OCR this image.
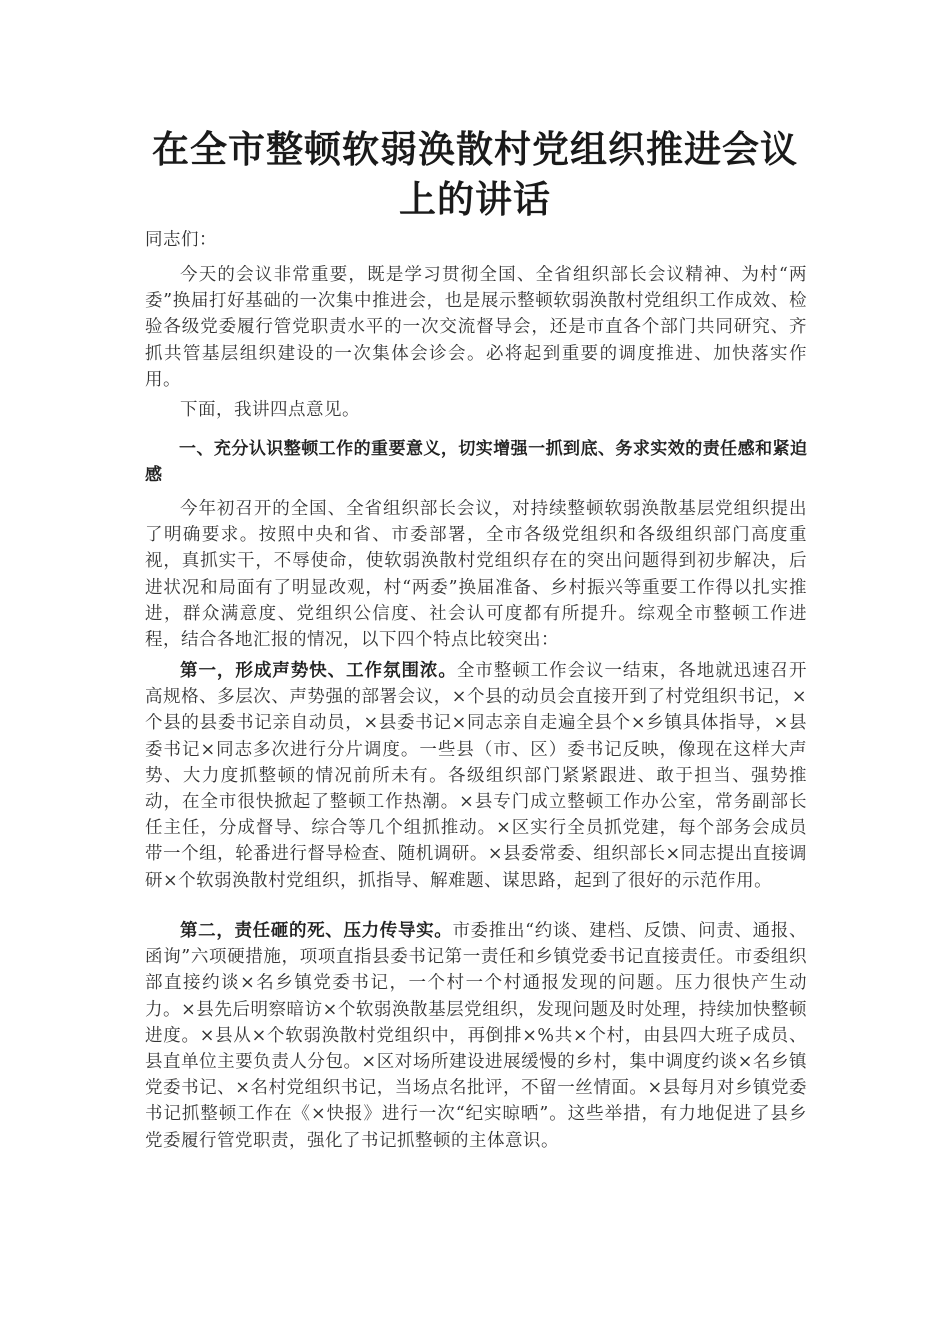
在全市整顿软弱涣散村党组织推进会议上的讲话
同志们：
今天的会议非常重要，既是学习贯彻全国、全省组织部长会议精神、为村“两委”换届打好基础的一次集中推进会，也是展示整顿软弱涣散村党组织工作成效、检验各级党委履行管党职责水平的一次交流督导会，还是市直各个部门共同研究、齐抓共管基层组织建设的一次集体会诊会。必将起到重要的调度推进、加快落实作用。
下面，我讲四点意见。
一、充分认识整顿工作的重要意义，切实增强一抓到底、务求实效的责任感和紧迫感
今年初召开的全国、全省组织部长会议，对持续整顿软弱涣散基层党组织提出了明确要求。按照中央和省、市委部署，全市各级党组织和各级组织部门高度重视，真抓实干，不辱使命，使软弱涣散村党组织存在的突出问题得到初步解决，后进状况和局面有了明显改观，村“两委”换届准备、乡村振兴等重要工作得以扎实推进，群众满意度、党组织公信度、社会认可度都有所提升。综观全市整顿工作进程，结合各地汇报的情况，以下四个特点比较突出：
第一，形成声势快、工作氛围浓。全市整顿工作会议一结束，各地就迅速召开高规格、多层次、声势强的部署会议，×个县的动员会直接开到了村党组织书记，×个县的县委书记亲自动员，×县委书记×同志亲自走遍全县个×乡镇具体指导，×县委书记×同志多次进行分片调度。一些县（市、区）委书记反映，像现在这样大声势、大力度抓整顿的情况前所未有。各级组织部门紧紧跟进、敢于担当、强势推动，在全市很快掀起了整顿工作热潮。×县专门成立整顿工作办公室，常务副部长任主任，分成督导、综合等几个组抓推动。×区实行全员抓党建，每个部务会成员带一个组，轮番进行督导检查、随机调研。×县委常委、组织部长×同志提出直接调研×个软弱涣散村党组织，抓指导、解难题、谋思路，起到了很好的示范作用。
第二，责任砸的死、压力传导实。市委推出“约谈、建档、反馈、问责、通报、函询”六项硬措施，项项直指县委书记第一责任和乡镇党委书记直接责任。市委组织部直接约谈×名乡镇党委书记，一个村一个村通报发现的问题。压力很快产生动力。×县先后明察暗访×个软弱涣散基层党组织，发现问题及时处理，持续加快整顿进度。×县从×个软弱涣散村党组织中，再倒排×%共×个村，由县四大班子成员、县直单位主要负责人分包。×区对场所建设进展缓慢的乡村，集中调度约谈×名乡镇党委书记、×名村党组织书记，当场点名批评，不留一丝情面。×县每月对乡镇党委书记抓整顿工作在《×快报》进行一次“纪实晾晒”。这些举措，有力地促进了县乡党委履行管党职责，强化了书记抓整顿的主体意识。
